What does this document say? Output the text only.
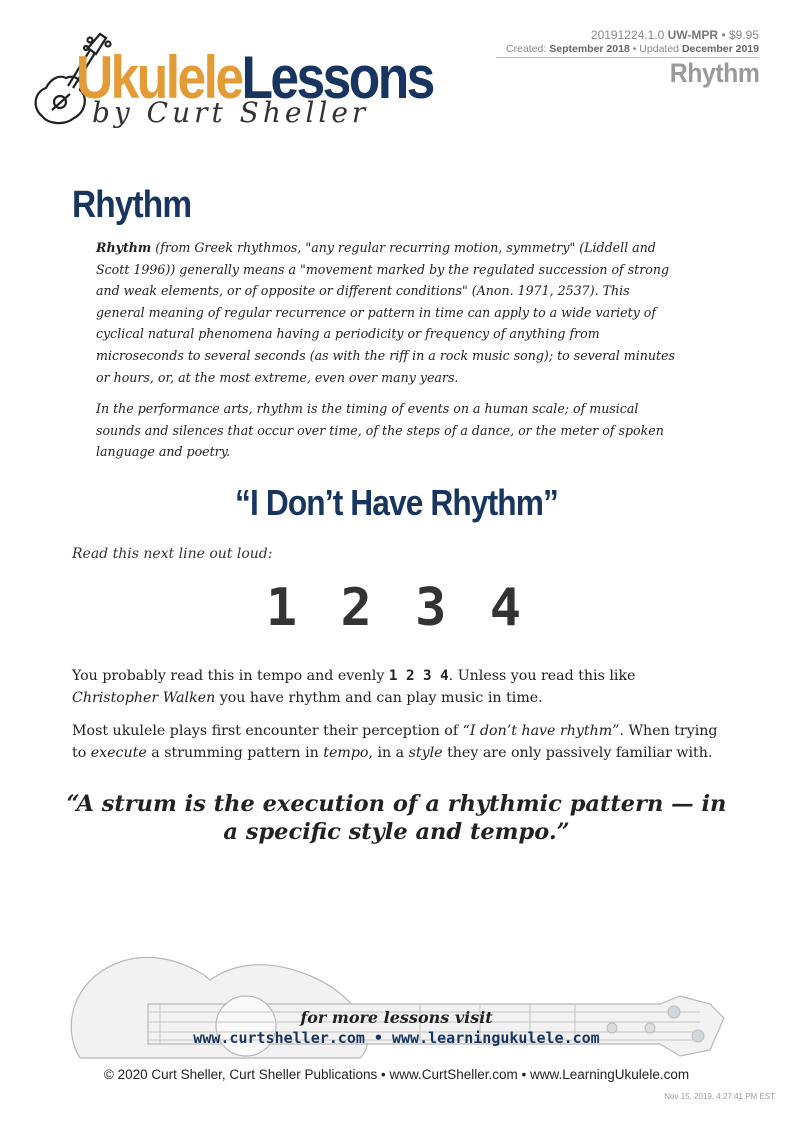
20191224.1.0 UW-MPR • $9.95
Created: September 2018 • Updated December 2019
Rhythm
UkuleleLessons
by Curt Sheller
Rhythm
Rhythm (from Greek rhythmos, "any regular recurring motion, symmetry" (Liddell and Scott 1996)) generally means a "movement marked by the regulated succession of strong and weak elements, or of opposite or different conditions" (Anon. 1971, 2537). This general meaning of regular recurrence or pattern in time can apply to a wide variety of cyclical natural phenomena having a periodicity or frequency of anything from microseconds to several seconds (as with the riff in a rock music song); to several minutes or hours, or, at the most extreme, even over many years.
In the performance arts, rhythm is the timing of events on a human scale; of musical sounds and silences that occur over time, of the steps of a dance, or the meter of spoken language and poetry.
“I Don’t Have Rhythm”
Read this next line out loud:
1 2 3 4
You probably read this in tempo and evenly 1 2 3 4. Unless you read this like Christopher Walken you have rhythm and can play music in time.
Most ukulele plays first encounter their perception of “I don’t have rhythm”. When trying to execute a strumming pattern in tempo, in a style they are only passively familiar with.
“A strum is the execution of a rhythmic pattern — in
a specific style and tempo.”
for more lessons visit
www.curtsheller.com • www.learningukulele.com
© 2020 Curt Sheller, Curt Sheller Publications • www.CurtSheller.com • www.LearningUkulele.com
Nov 15, 2019, 4:27:41 PM EST
